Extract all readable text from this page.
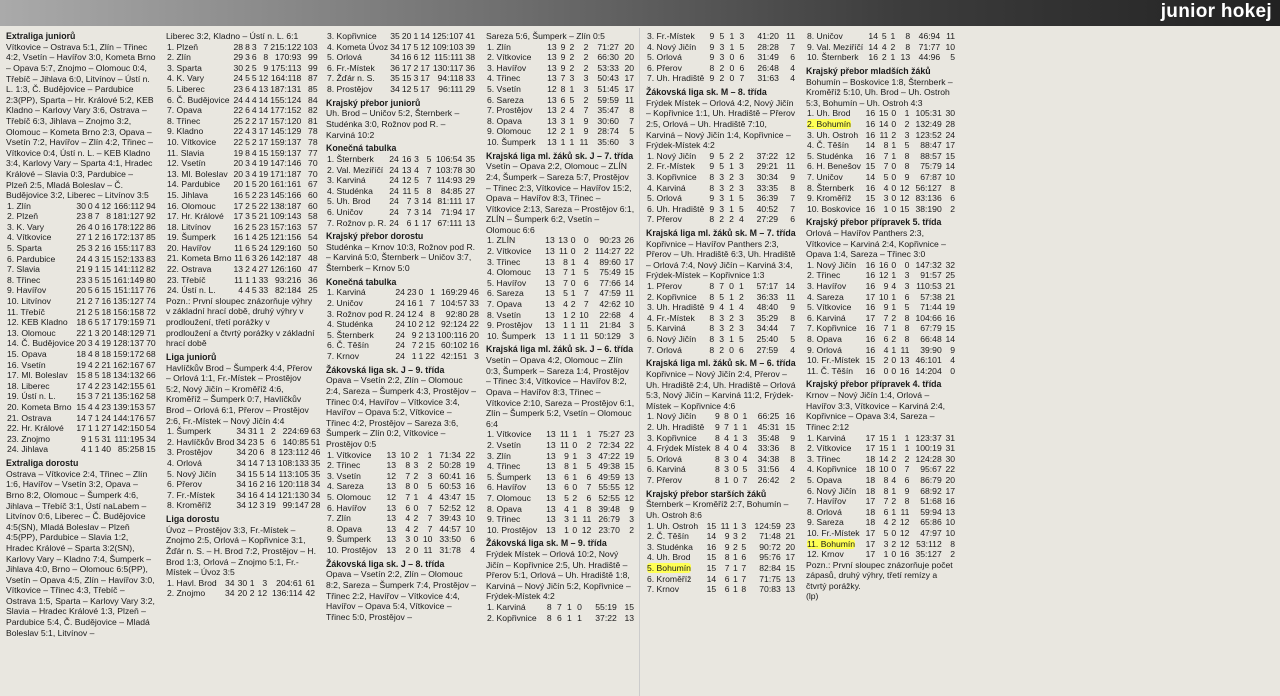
junior hokej
Extraliga juniorů
Vítkovice – Ostrava 5:1, Zlín – Třinec 4:2, Vsetín – Havířov 3:0, Kometa Brno – Opava 5:7, Znojmo – Olomouc 0:4, Třebíč – Jihlava 6:0, Litvínov – Ústí n. L. 1:3, Č. Budějovice – Pardubice 2:3(PP), Sparta – Hr. Králové 5:2, KEB Kladno – Karlovy Vary 3:6, Ostrava – Třebíč 6:3, Jihlava – Znojmo 3:2, Olomouc – Kometa Brno 2:3, Opava – Vsetín 7:2, Havířov – Zlín 4:2, Třinec – Vítkovice 0:4, Ústí n. L. – KEB Kladno 3:4, Karlovy Vary – Sparta 4:1, Hradec Králové – Slavia 0:3, Pardubice – Plzeň 2:5, Mladá Boleslav – Č. Budějovice 3:2, Liberec – Litvínov 3:5
1. Zlín	30	0	4	12	166:112	94
2. Plzeň	23	8	7	8	181:127	92
3. K. Vary	26	4	0	16	178:122	86
4. Vítkovice	27	1	2	16	172:137	85
5. Sparta	25	3	2	16	155:117	83
6. Pardubice	24	4	3	15	152:133	83
7. Slavia	21	9	1	15	141:112	82
8. Třinec	23	3	5	15	161:149	80
9. Havířov	20	5	6	15	151:117	76
10. Litvínov	21	2	7	16	135:127	74
11. Třebíč	21	2	5	18	156:158	72
12. KEB Kladno	18	6	5	17	179:159	71
13. Olomouc	22	1	3	20	148:129	71
14. Č. Budějovice	20	3	4	19	128:137	70
15. Opava	18	4	8	18	159:172	68
16. Vsetín	19	4	2	21	162:167	67
17. Ml. Boleslav	15	8	5	18	134:132	66
18. Liberec	17	4	2	23	142:155	61
19. Ústí n. L.	15	3	7	21	135:162	58
20. Kometa Brno	15	4	4	23	139:153	57
21. Ostrava	14	7	1	24	144:176	57
22. Hr. Králové	17	1	1	27	142:150	54
23. Znojmo	9	1	5	31	111:195	34
24. Jihlava	4	1	1	40	85:258	15
Extraliga dorostu
Ostrava – Vítkovice 2:4, Třinec – Zlín 1:6, Havířov – Vsetín 3:2, Opava – Brno 8:2, Olomouc – Šumperk 4:6, Jihlava – Třebíč 3:1, Ústí naLabem – Litvínov 0:6, Liberec – Č. Budějovice 4:5(SN), Mladá Boleslav – Plzeň 4:5(PP), Pardubice – Slavia 1:2, Hradec Králové – Sparta 3:2(SN), Karlovy Vary – Kladno 7:4, Šumperk – Jihlava 4:0, Brno – Olomouc 6:5(PP), Vsetín – Opava 4:5, Zlín – Havířov 3:0, Vítkovice – Třinec 4:3, Třebíč – Ostrava 1:5, Sparta – Karlovy Vary 3:2, Slavia – Hradec Králové 1:3, Plzeň – Pardubice 5:4, Č. Budějovice – Mladá Boleslav 5:1, Litvínov –
Liberec 3:2, Kladno – Ústí n. L. 6:1
1. Plzeň	28	8	3	7	215:122	103
2. Zlín	29	3	6	8	170:93	99
3. Sparta	30	2	5	9	175:113	99
4. K. Vary	24	5	5	12	164:118	87
5. Liberec	23	6	4	13	187:131	85
6. Č. Budějovice	24	4	4	14	155:124	84
7. Opava	22	6	4	14	177:152	82
8. Třinec	25	2	2	17	157:120	81
9. Kladno	22	4	3	17	145:129	78
10. Vítkovice	22	5	2	17	159:137	78
11. Slavia	19	8	4	15	159:137	77
12. Vsetín	20	3	4	19	147:146	70
13. Ml. Boleslav	20	3	4	19	171:187	70
14. Pardubice	20	1	5	20	161:161	67
15. Jihlava	16	5	2	23	145:166	60
16. Olomouc	17	2	5	22	138:187	60
17. Hr. Králové	17	3	5	21	109:143	58
18. Litvínov	16	2	5	23	157:163	57
19. Šumperk	16	1	4	25	121:156	54
20. Havířov	11	6	5	24	129:160	50
21. Kometa Brno	11	6	3	26	142:187	48
22. Ostrava	13	2	4	27	126:160	47
23. Třebíč	11	1	1	33	93:216	36
24. Ústí n. L.	4	4	5	33	82:184	25
Pozn.: První sloupec znázorňuje výhry v základní hrací době, druhý výhry v prodloužení, třetí porážky v prodloužení a čtvrtý porážky v základní hrací době
Liga juniorů
Havlíčkův Brod – Šumperk 4:4, Přerov – Orlová 1:1, Fr.-Místek – Prostějov 5:2, Nový Jičín – Kroměříž 4:6, Kroměříž – Šumperk 0:7, Havlíčkův Brod – Orlová 6:1, Přerov – Prostějov 2:6, Fr.-Místek – Nový Jičín 4:4
1. Šumperk	34	31	1	2	224:69	63
2. Havlíčkův Brod	34	23	5	6	140:85	51
3. Prostějov	34	20	6	8	123:112	46
4. Orlová	34	14	7	13	108:133	35
5. Nový Jičín	34	15	5	14	113:105	35
6. Přerov	34	16	2	16	120:118	34
7. Fr.-Místek	34	16	4	14	121:130	34
8. Kroměříž	34	12	3	19	99:147	28
Liga dorostu
Úvoz – Prostějov 3:3, Fr.-Místek – Znojmo 2:5, Orlová – Kopřivnice 3:1, Žďár n. S. – H. Brod 7:2, Prostějov – H. Brod 1:3, Orlová – Znojmo 5:1, Fr.-Místek – Úvoz 3:5
1. Havl. Brod	34	30	1	3	204:61	61
2. Znojmo	34	20	2	12	136:114	42
3. Kopřivnice	35	20	1	14	125:107	41
4. Kometa Úvoz	34	17	5	12	109:103	39
5. Orlová	34	16	6	12	115:111	38
6. Fr.-Místek	36	17	2	17	130:117	36
7. Žďár n. S.	35	15	3	17	94:118	33
8. Prostějov	34	12	5	17	96:111	29
Krajský přebor juniorů
Uh. Brod – Uničov 5:2, Šternberk – Studénka 3:0, Rožnov pod R. – Karviná 10:2
Konečná tabulka
1. Šternberk	24	16	3	5	106:54	35
2. Val. Meziříčí	24	13	4	7	103:78	30
3. Karviná	24	12	5	7	114:93	29
4. Studénka	24	11	5	8	84:85	27
5. Uh. Brod	24	7	3	14	81:111	17
6. Uničov	24	7	3	14	71:94	17
7. Rožnov p. R.	24	6	1	17	67:111	13
Krajský přebor dorostu
Studénka – Krnov 10:3, Rožnov pod R. – Karviná 5:0, Šternberk – Uničov 3:7, Šternberk – Krnov 5:0
Konečná tabulka
1. Karviná	24	23	0	1	169:29	46
2. Uničov	24	16	1	7	104:57	33
3. Rožnov pod R.	24	12	4	8	92:80	28
4. Studénka	24	10	2	12	92:124	22
5. Šternberk	24	9	2	13	100:116	20
6. Č. Těšín	24	7	2	15	60:102	16
7. Krnov	24	1	1	22	42:151	3
Žákovská liga sk. J – 9. třída
Opava – Vsetín 2:2, Zlín – Olomouc 2:4, Sareza – Šumperk 4:3, Prostějov – Třinec 0:4, Havířov – Vítkovice 3:4, Havířov – Opava 5:2, Vítkovice – Třinec 4:2, Prostějov – Sareza 3:6, Šumperk – Zlín 0:2, Vítkovice – Prostějov 0:5
1. Vítkovice	13	10	2	1	71:34	22
2. Třinec	13	8	3	2	50:28	19
3. Vsetín	12	7	2	3	60:41	16
4. Sareza	13	8	0	5	60:53	16
5. Olomouc	12	7	1	4	43:47	15
6. Havířov	13	6	0	7	52:52	12
7. Zlín	13	4	2	7	39:43	10
8. Opava	13	4	2	7	44:57	10
9. Šumperk	13	3	0	10	33:50	6
10. Prostějov	13	2	0	11	31:78	4
Žákovská liga sk. J – 8. třída
Opava – Vsetín 2:2, Zlín – Olomouc 8:2, Sareza – Šumperk 7:4, Prostějov – Třinec 2:2, Havířov – Vítkovice 4:4, Havířov – Opava 5:4, Vítkovice – Třinec 5:0, Prostějov –
Sareza 5:6, Šumperk – Zlín 0:5
1. Zlín	13	9	2	2	71:27	20
2. Vítkovice	13	9	2	2	66:30	20
3. Havířov	13	9	2	2	53:33	20
4. Třinec	13	7	3	3	50:43	17
5. Vsetín	12	8	1	3	51:45	17
6. Sareza	13	6	5	2	59:59	11
7. Prostějov	13	2	4	7	35:47	8
8. Opava	13	3	1	9	30:60	7
9. Olomouc	12	2	1	9	28:74	5
10. Šumperk	13	1	1	11	35:60	3
Krajská liga ml. žáků sk. J – 7. třída
Vsetín – Opava 2:2, Olomouc – ZLÍN 2:4, Šumperk – Sareza 5:7, Prostějov – Třinec 2:3, Vítkovice – Havířov 15:2, Opava – Havířov 8:3, Třinec – Vítkovice 2:13, Sareza – Prostějov 6:1, ZLÍN – Šumperk 6:2, Vsetín – Olomouc 6:6
1. ZLÍN	13	13	0	0	90:23	26
2. Vítkovice	13	11	0	2	114:27	22
3. Třinec	13	8	1	4	89:60	17
4. Olomouc	13	7	1	5	75:49	15
5. Havířov	13	7	0	6	77:66	14
6. Sareza	13	5	1	7	47:59	11
7. Opava	13	4	2	7	42:62	10
8. Vsetín	13	1	2	10	22:68	4
9. Prostějov	13	1	1	11	21:84	3
10. Šumperk	13	1	1	11	50:129	3
Krajská liga ml. žáků sk. J – 6. třída
Vsetín – Opava 4:2, Olomouc – Zlín 0:3, Šumperk – Sareza 1:4, Prostějov – Třinec 3:4, Vítkovice – Havířov 8:2, Opava – Havířov 8:3, Třinec – Vítkovice 2:10, Sareza – Prostějov 6:1, Zlín – Šumperk 5:2, Vsetín – Olomouc 6:4
1. Vítkovice	13	11	1	1	75:27	23
2. Vsetín	13	11	0	2	72:34	22
3. Zlín	13	9	1	3	47:22	19
4. Třinec	13	8	1	5	49:38	15
5. Šumperk	13	6	1	6	49:59	13
6. Havířov	13	6	0	7	55:55	12
7. Olomouc	13	5	2	6	52:55	12
8. Opava	13	4	1	8	39:48	9
9. Třinec	13	3	1	11	26:79	3
10. Prostějov	13	1	0	12	23:70	2
Žákovská liga sk. M – 9. třída
Frýdek Místek – Orlová 10:2, Nový Jičín – Kopřivnice 2:5, Uh. Hradiště – Přerov 5:1, Orlová – Uh. Hradiště 1:8, Karviná – Nový Jičín 5:2, Kopřivnice – Frýdek-Místek 4:2
1. Karviná	8	7	1	0	55:19	15
2. Kopřivnice	8	6	1	1	37:22	13
3. Fr.-Místek	9	5	1	3	41:20	11
4. Nový Jičín	9	3	1	5	28:28	7
5. Orlová	9	3	0	6	31:49	6
6. Přerov	8	2	0	6	26:48	4
7. Uh. Hradiště	9	2	0	7	31:63	4
Žákovská liga sk. M – 8. třída
Frýdek Místek – Orlová 4:2, Nový Jičín – Kopřivnice 1:1, Uh. Hradiště – Přerov 2:5, Orlová – Uh. Hradiště 7:10, Karviná – Nový Jičín 1:4, Kopřivnice – Frýdek-Místek 4:2
1. Nový Jičín	9	5	2	2	37:22	12
2. Fr.-Místek	9	5	1	3	29:21	11
3. Kopřivnice	8	3	2	3	30:34	9
4. Karviná	8	3	2	3	33:35	8
5. Orlová	9	3	1	5	36:39	7
6. Uh. Hradiště	9	3	1	5	40:52	7
7. Přerov	8	2	2	4	27:29	6
Krajská liga ml. žáků sk. M – 7. třída
Kopřivnice – Havířov Panthers 2:3, Přerov – Uh. Hradiště 6:3, Uh. Hradiště – Orlová 7:4, Nový Jičín – Karviná 3:4, Frýdek-Místek – Kopřivnice 1:3
1. Přerov	8	7	0	1	57:17	14
2. Kopřivnice	8	5	1	2	36:33	11
3. Uh. Hradiště	9	4	1	4	48:40	9
4. Fr.-Místek	8	3	2	3	35:29	8
5. Karviná	8	3	2	3	34:44	7
6. Nový Jičín	8	3	1	5	25:40	5
7. Orlová	8	2	0	6	27:59	4
Krajská liga ml. žáků sk. M – 6. třída
Kopřivnice – Nový Jičín 2:4, Přerov – Uh. Hradiště 2:4, Uh. Hradiště – Orlová 5:3, Nový Jičín – Karviná 11:2, Frýdek-Místek – Kopřivnice 4:6
1. Nový Jičín	9	8	0	1	66:25	16
2. Uh. Hradiště	9	7	1	1	45:31	15
3. Kopřivnice	8	4	1	3	35:48	9
4. Frýdek Místek	8	4	0	4	33:36	8
5. Orlová	8	3	0	4	34:38	8
6. Karviná	8	3	0	5	31:56	4
7. Přerov	8	1	0	7	26:42	2
Krajský přebor starších žáků
Šternberk – Kroměříž 2:7, Bohumín – Uh. Ostroh 8:6
1. Uh. Ostroh	15	11	1	3	124:59	23
2. Č. Těšín	14	9	3	2	71:48	21
3. Studénka	16	9	2	5	90:72	20
4. Uh. Brod	15	8	1	6	95:76	17
5. Bohumín	15	7	1	7	82:84	15
6. Kroměříž	14	6	1	7	71:75	13
7. Krnov	15	6	1	8	70:83	13
8. Uničov	14	5	1	8	46:94	11
9. Val. Meziříčí	14	4	2	8	71:77	10
10. Šternberk	16	2	1	13	44:96	5
Krajský přebor mladších žáků
Bohumín – Boskovice 1:8, Šternberk – Kroměříž 5:10, Uh. Brod – Uh. Ostroh 5:3, Bohumín – Uh. Ostroh 4:3
1. Uh. Brod	16	15	0	1	105:31	30
2. Bohumín	16	14	0	2	132:49	28
3. Uh. Ostroh	16	11	2	3	123:52	24
4. Č. Těšín	14	8	1	5	88:47	17
5. Studénka	16	7	1	8	88:57	15
6. H. Benešov	15	7	0	8	75:79	14
7. Uničov	14	5	0	9	67:87	10
8. Šternberk	16	4	0	12	56:127	8
9. Kroměříž	15	3	0	12	83:136	6
10. Boskovice	16	1	0	15	38:190	2
Krajský přebor přípravek 5. třída
Orlová – Havířov Panthers 2:3, Vítkovice – Karviná 2:4, Kopřivnice – Opava 1:4, Sareza – Třinec 3:0
1. Nový Jičín	16	16	0	0	147:32	32
2. Třinec	16	12	1	3	91:57	25
3. Havířov	16	9	4	3	110:53	21
4. Sareza	17	10	1	6	57:38	21
5. Vítkovice	16	9	1	5	71:44	19
6. Karviná	17	7	2	8	104:66	16
7. Kopřivnice	16	7	1	8	67:79	15
8. Opava	16	6	2	8	66:48	14
9. Orlová	16	4	1	11	39:90	9
10. Fr.-Místek	15	2	0	13	46:101	4
11. Č. Těšín	16	0	0	16	14:204	0
Krajský přebor přípravek 4. třída
Krnov – Nový Jičín 1:4, Orlová – Havířov 3:3, Vítkovice – Karviná 2:4, Kopřivnice – Opava 3:4, Sareza – Třinec 2:12
1. Karviná	17	15	1	1	123:37	31
2. Vítkovice	17	15	1	1	100:19	31
3. Třinec	18	14	2	2	124:28	30
4. Kopřivnice	18	10	0	7	95:67	22
5. Opava	18	8	4	6	86:79	20
6. Nový Jičín	18	8	1	9	68:92	17
7. Havířov	17	7	2	8	51:68	16
8. Orlová	18	6	1	11	59:94	13
9. Sareza	18	4	2	12	65:86	10
10. Fr.-Místek	17	5	0	12	47:97	10
11. Bohumín	17	3	2	12	53:112	8
12. Krnov	17	1	0	16	35:127	2
Pozn.: První sloupec znázorňuje počet zápasů, druhý výhry, třetí remízy a čtvrtý porážky.
(lp)
